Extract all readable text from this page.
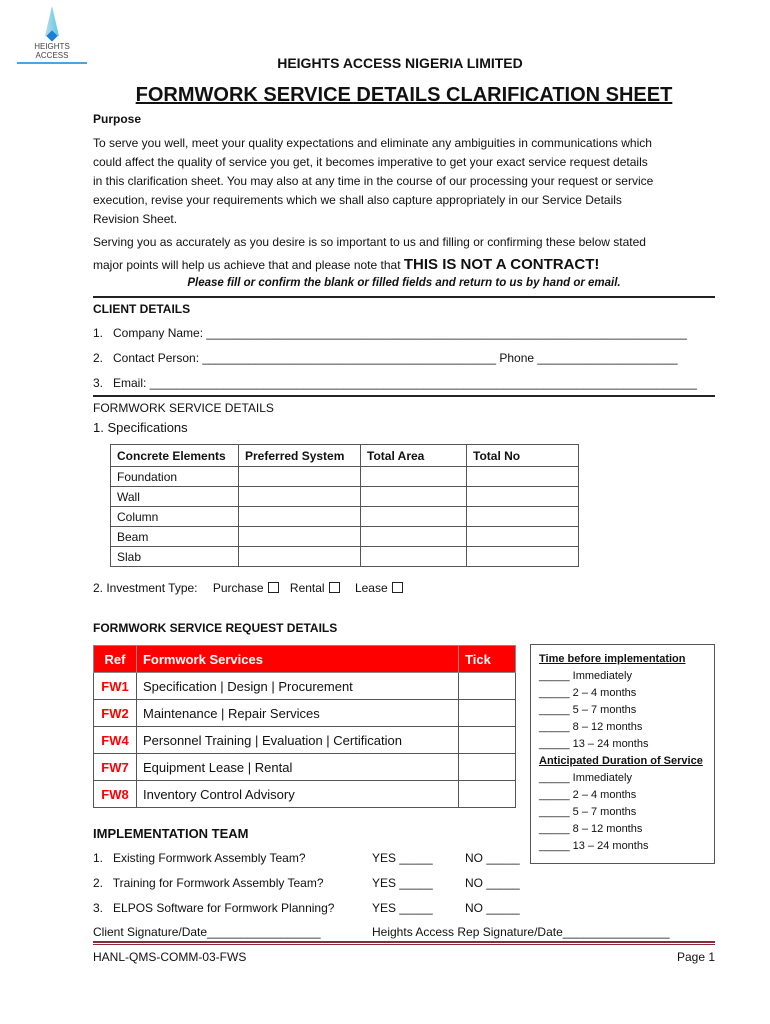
HEIGHTS
ACCESS	HEIGHTS ACCESS NIGERIA LIMITED
FORMWORK SERVICE DETAILS CLARIFICATION SHEET
Purpose
To serve you well, meet your quality expectations and eliminate any ambiguities in communications which
could affect the quality of service you get, it becomes imperative to get your exact service request details
in this clarification sheet. You may also at any time in the course of our processing your request or service
execution, revise your requirements which we shall also capture appropriately in our Service Details
Revision Sheet.
Serving you as accurately as you desire is so important to us and filling or confirming these below stated
major points will help us achieve that and please note that THIS IS NOT A CONTRACT!
Please fill or confirm the blank or filled fields and return to us by hand or email.
CLIENT DETAILS
1.   Company Name: ________________________________________________________________________
2.   Contact Person: ____________________________________________ Phone _____________________
3.   Email: __________________________________________________________________________________
FORMWORK SERVICE DETAILS
1. Specifications
Concrete Elements	Preferred System	Total Area	Total No
Foundation			
Wall			
Column			
Beam			
Slab			
2. Investment Type: Purchase Rental	Lease
FORMWORK SERVICE REQUEST DETAILS
Ref	Formwork Services	Tick
FW1	Specification | Design | Procurement	
FW2	Maintenance | Repair Services	
FW4	Personnel Training | Evaluation | Certification	
FW7	Equipment Lease | Rental	
FW8	Inventory Control Advisory	
Time before implementation
_____ Immediately
_____ 2 – 4 months
_____ 5 – 7 months
_____ 8 – 12 months
_____ 13 – 24 months
Anticipated Duration of Service
_____ Immediately
_____ 2 – 4 months
_____ 5 – 7 months
_____ 8 – 12 months
_____ 13 – 24 months
IMPLEMENTATION TEAM
1.   Existing Formwork Assembly Team?	YES _____	NO _____
2.   Training for Formwork Assembly Team?	YES _____	NO _____
3.   ELPOS Software for Formwork Planning?	YES _____	NO _____
Client Signature/Date_________________	Heights Access Rep Signature/Date________________
HANL-QMS-COMM-03-FWS	Page 1
